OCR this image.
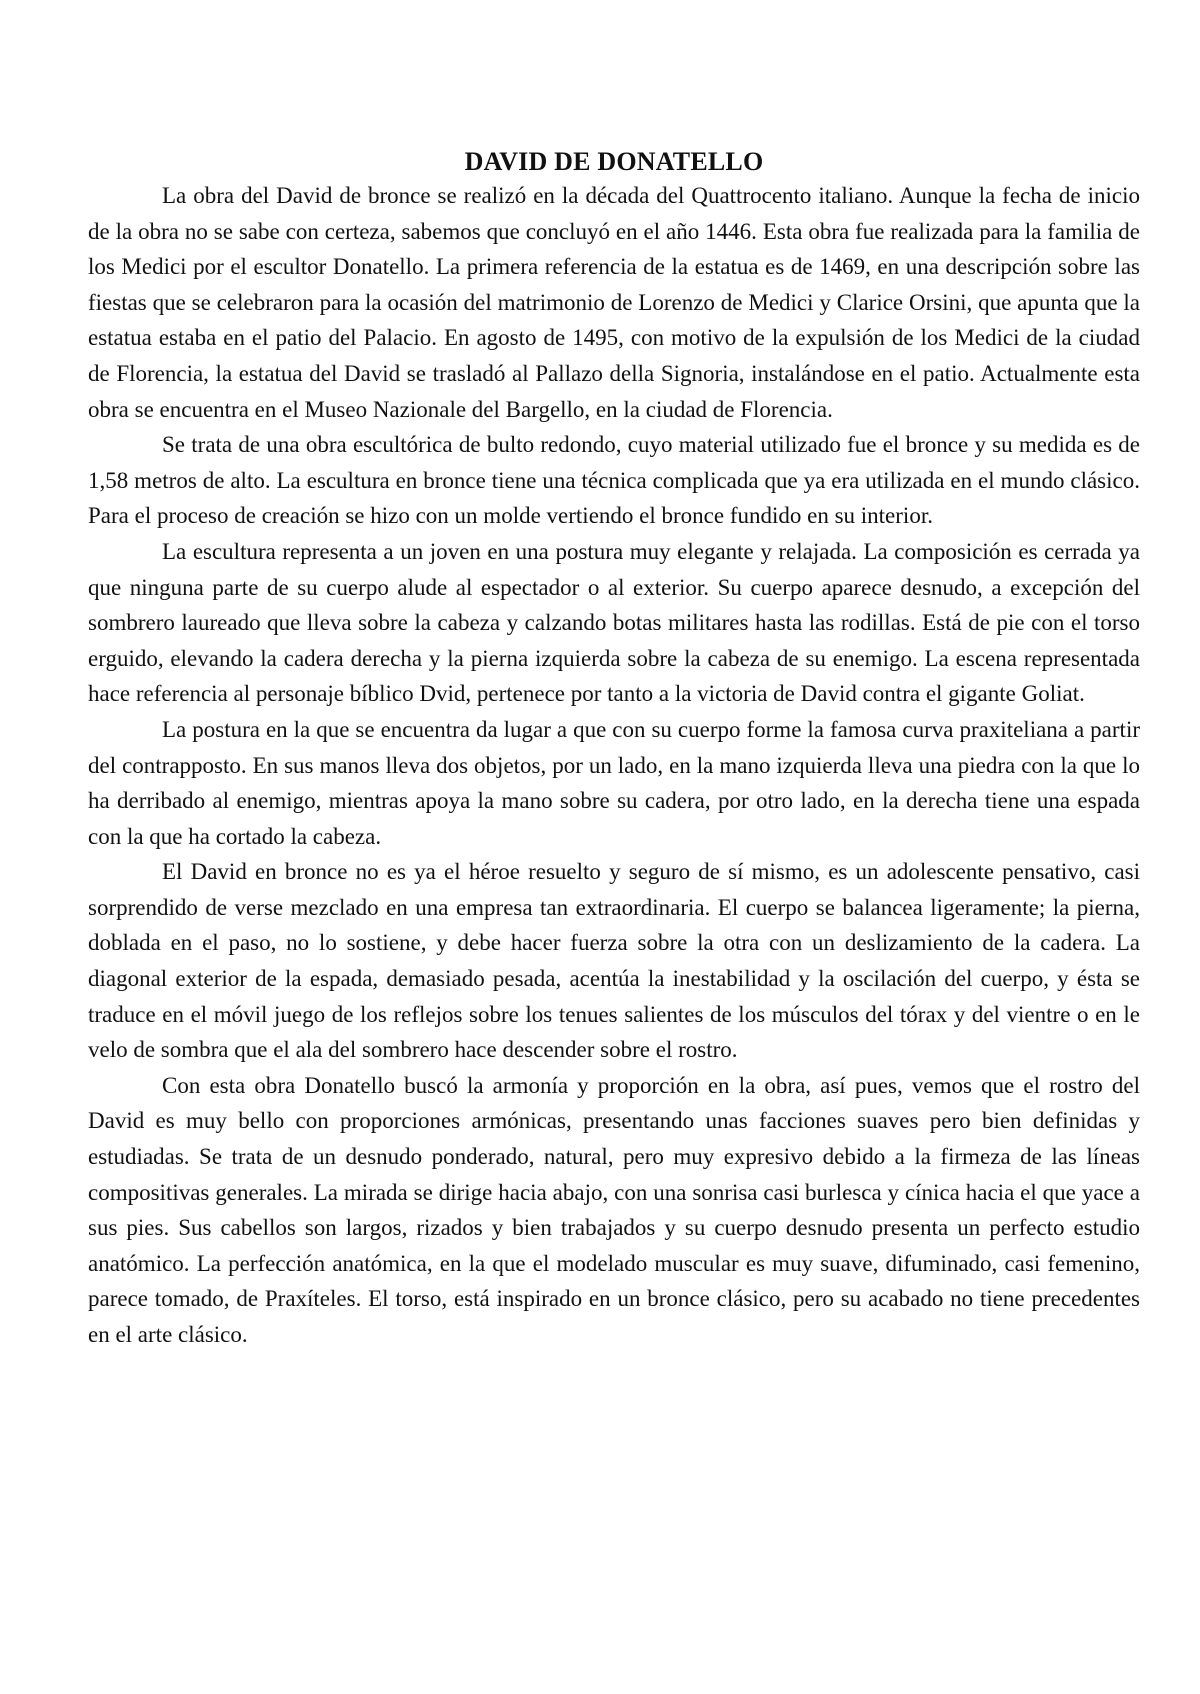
DAVID DE DONATELLO

La obra del David de bronce se realizó en la década del Quattrocento italiano. Aunque la fecha de inicio de la obra no se sabe con certeza, sabemos que concluyó en el año 1446. Esta obra fue realizada para la familia de los Medici por el escultor Donatello. La primera referencia de la estatua es de 1469, en una descripción sobre las fiestas que se celebraron para la ocasión del matrimonio de Lorenzo de Medici y Clarice Orsini, que apunta que la estatua estaba en el patio del Palacio. En agosto de 1495, con motivo de la expulsión de los Medici de la ciudad de Florencia, la estatua del David se trasladó al Pallazo della Signoria, instalándose en el patio. Actualmente esta obra se encuentra en el Museo Nazionale del Bargello, en la ciudad de Florencia.

Se trata de una obra escultórica de bulto redondo, cuyo material utilizado fue el bronce y su medida es de 1,58 metros de alto. La escultura en bronce tiene una técnica complicada que ya era utilizada en el mundo clásico. Para el proceso de creación se hizo con un molde vertiendo el bronce fundido en su interior.

La escultura representa a un joven en una postura muy elegante y relajada. La composición es cerrada ya que ninguna parte de su cuerpo alude al espectador o al exterior. Su cuerpo aparece desnudo, a excepción del sombrero laureado que lleva sobre la cabeza y calzando botas militares hasta las rodillas. Está de pie con el torso erguido, elevando la cadera derecha y la pierna izquierda sobre la cabeza de su enemigo. La escena representada hace referencia al personaje bíblico Dvid, pertenece por tanto a la victoria de David contra el gigante Goliat.

La postura en la que se encuentra da lugar a que con su cuerpo forme la famosa curva praxiteliana a partir del contrapposto. En sus manos lleva dos objetos, por un lado, en la mano izquierda lleva una piedra con la que lo ha derribado al enemigo, mientras apoya la mano sobre su cadera, por otro lado, en la derecha tiene una espada con la que ha cortado la cabeza.

El David en bronce no es ya el héroe resuelto y seguro de sí mismo, es un adolescente pensativo, casi sorprendido de verse mezclado en una empresa tan extraordinaria. El cuerpo se balancea ligeramente; la pierna, doblada en el paso, no lo sostiene, y debe hacer fuerza sobre la otra con un deslizamiento de la cadera. La diagonal exterior de la espada, demasiado pesada, acentúa la inestabilidad y la oscilación del cuerpo, y ésta se traduce en el móvil juego de los reflejos sobre los tenues salientes de los músculos del tórax y del vientre o en le velo de sombra que el ala del sombrero hace descender sobre el rostro.

Con esta obra Donatello buscó la armonía y proporción en la obra, así pues, vemos que el rostro del David es muy bello con proporciones armónicas, presentando unas facciones suaves pero bien definidas y estudiadas. Se trata de un desnudo ponderado, natural, pero muy expresivo debido a la firmeza de las líneas compositivas generales. La mirada se dirige hacia abajo, con una sonrisa casi burlesca y cínica hacia el que yace a sus pies. Sus cabellos son largos, rizados y bien trabajados y su cuerpo desnudo presenta un perfecto estudio anatómico. La perfección anatómica, en la que el modelado muscular es muy suave, difuminado, casi femenino, parece tomado, de Praxíteles. El torso, está inspirado en un bronce clásico, pero su acabado no tiene precedentes en el arte clásico.
